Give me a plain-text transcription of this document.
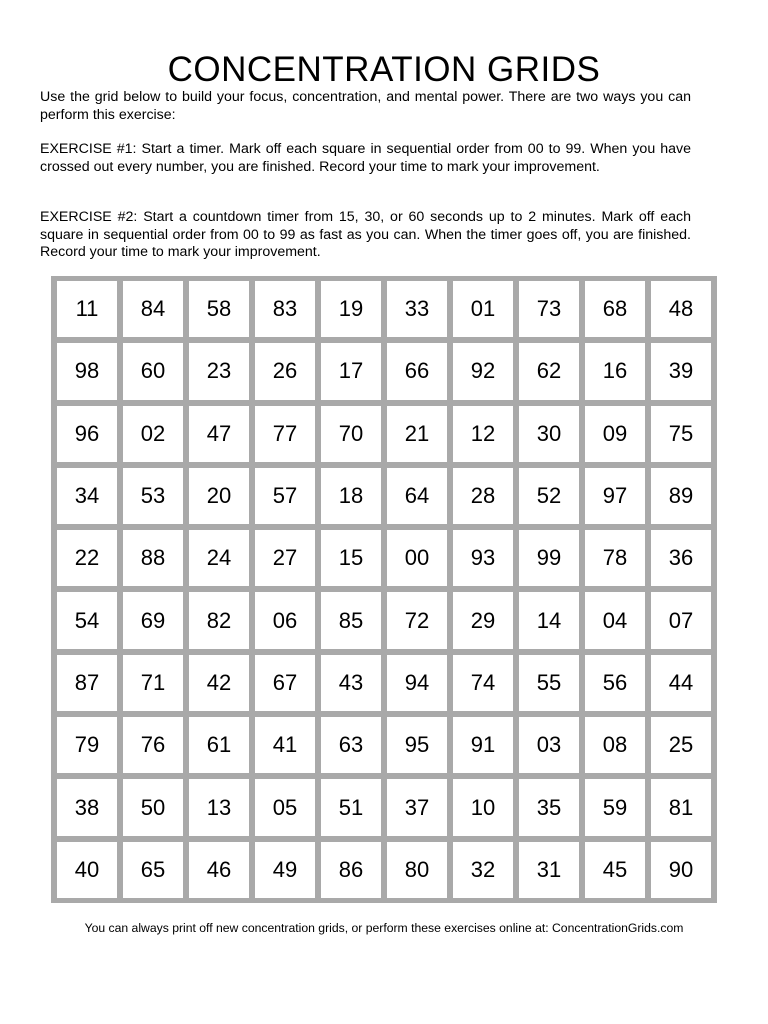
CONCENTRATION GRIDS
Use the grid below to build your focus, concentration, and mental power. There are two ways you can perform this exercise:
EXERCISE #1: Start a timer. Mark off each square in sequential order from 00 to 99. When you have crossed out every number, you are finished. Record your time to mark your improvement.
EXERCISE #2: Start a countdown timer from 15, 30, or 60 seconds up to 2 minutes. Mark off each square in sequential order from 00 to 99 as fast as you can. When the timer goes off, you are finished. Record your time to mark your improvement.
11	84	58	83	19	33	01	73	68	48
98	60	23	26	17	66	92	62	16	39
96	02	47	77	70	21	12	30	09	75
34	53	20	57	18	64	28	52	97	89
22	88	24	27	15	00	93	99	78	36
54	69	82	06	85	72	29	14	04	07
87	71	42	67	43	94	74	55	56	44
79	76	61	41	63	95	91	03	08	25
38	50	13	05	51	37	10	35	59	81
40	65	46	49	86	80	32	31	45	90
You can always print off new concentration grids, or perform these exercises online at: ConcentrationGrids.com
